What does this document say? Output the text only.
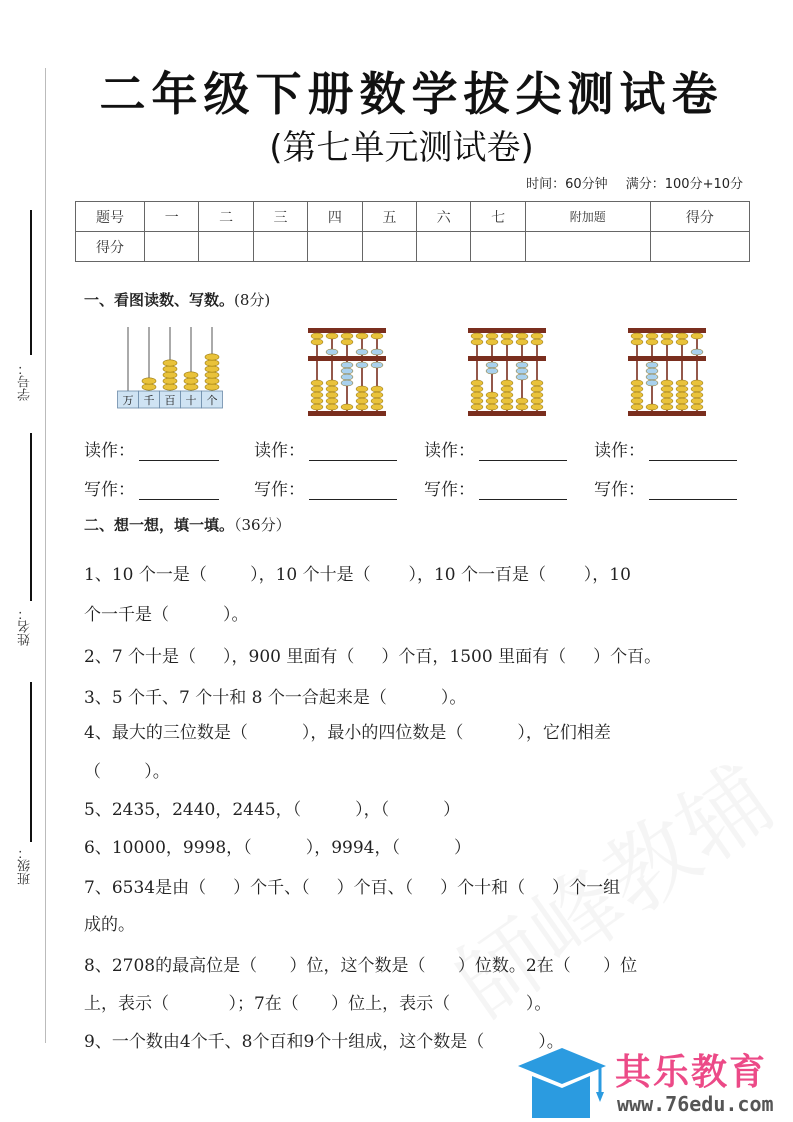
学号：
姓名：
班级：
二年级下册数学拔尖测试卷
(第七单元测试卷)
时间：60分钟 满分：100分+10分
题号	一	二	三	四	五	六	七	附加题	得分
得分									
一、看图读数、写数。(8分)
万 千 百 十 个
读作：	读作：	读作：	读作：
写作：	写作：	写作：	写作：
二、想一想，填一填。（36分）
1、10 个一是（        ），10 个十是（       ），10 个一百是（       ），10
个一千是（          ）。
2、7 个十是（     ），900 里面有（     ）个百，1500 里面有（     ）个百。
3、5 个千、7 个十和 8 个一合起来是（          ）。
4、最大的三位数是（          ），最小的四位数是（          ），它们相差
（        ）。
5、2435，2440，2445，（          ），（          ）
6、10000，9998，（          ），9994，（          ）
7、6534是由（     ）个千、（     ）个百、（     ）个十和（     ）个一组
成的。
8、2708的最高位是（      ）位，这个数是（      ）位数。2在（      ）位
上，表示（           ）；7在（      ）位上，表示（              ）。
9、一个数由4个千、8个百和9个十组成，这个数是（          ）。
其乐教育
www.76edu.com
